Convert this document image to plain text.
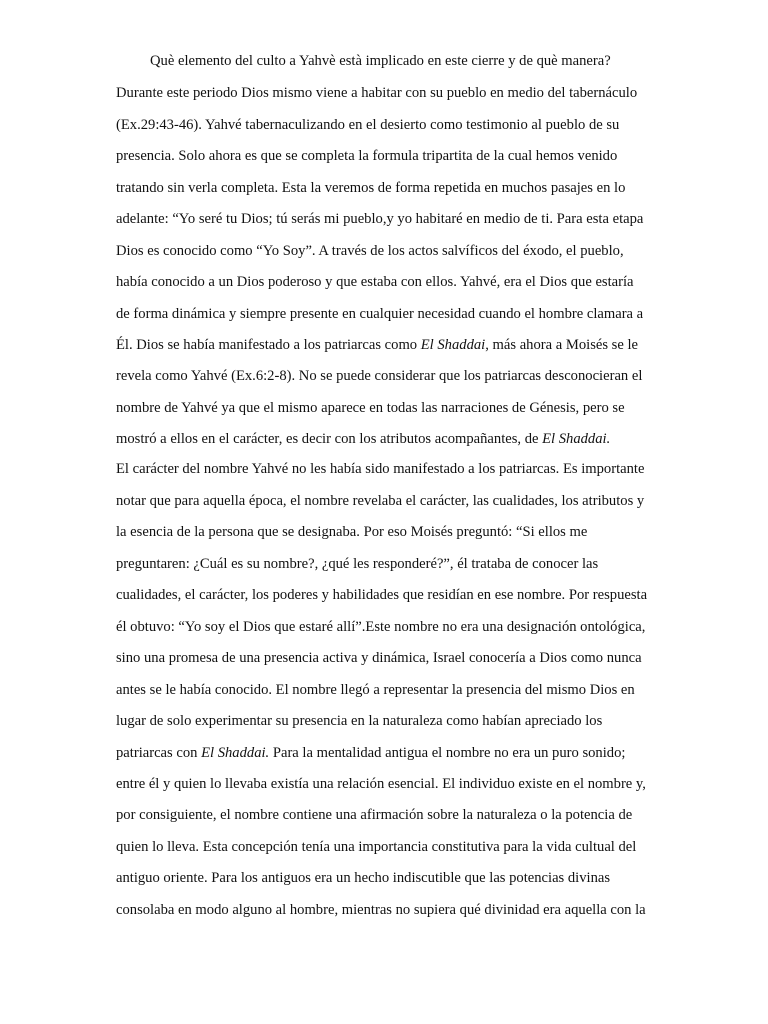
Què elemento del culto a Yahvè està implicado en este cierre y de què manera?
Durante este periodo Dios mismo viene a habitar con su pueblo en medio del tabernáculo
(Ex.29:43-46). Yahvé tabernaculizando en el desierto como testimonio al pueblo de su
presencia. Solo ahora es que se completa la formula tripartita de la cual hemos venido
tratando sin verla completa. Esta la veremos de forma repetida en muchos pasajes en lo
adelante: “Yo seré tu Dios; tú serás mi pueblo,y yo habitaré en medio de ti. Para esta etapa
Dios es conocido como “Yo Soy”. A través de los actos salvíficos del éxodo, el pueblo,
había conocido a un Dios poderoso y que estaba con ellos. Yahvé, era el Dios que estaría
de forma dinámica y siempre presente en cualquier necesidad cuando el hombre clamara a
Él. Dios se había manifestado a los patriarcas como El Shaddai, más ahora a Moisés se le
revela como Yahvé (Ex.6:2-8). No se puede considerar que los patriarcas desconocieran el
nombre de Yahvé ya que el mismo aparece en todas las narraciones de Génesis, pero se
mostró a ellos en el carácter, es decir con los atributos acompañantes, de El Shaddai.
El carácter del nombre Yahvé no les había sido manifestado a los patriarcas. Es importante
notar que para aquella época, el nombre revelaba el carácter, las cualidades, los atributos y
la esencia de la persona que se designaba. Por eso Moisés preguntó: “Si ellos me
preguntaren: ¿Cuál es su nombre?, ¿qué les responderé?”, él trataba de conocer las
cualidades, el carácter, los poderes y habilidades que residían en ese nombre. Por respuesta
él obtuvo: “Yo soy el Dios que estaré allí”.Este nombre no era una designación ontológica,
sino una promesa de una presencia activa y dinámica, Israel conocería a Dios como nunca
antes se le había conocido. El nombre llegó a representar la presencia del mismo Dios en
lugar de solo experimentar su presencia en la naturaleza como habían apreciado los
patriarcas con El Shaddai. Para la mentalidad antigua el nombre no era un puro sonido;
entre él y quien lo llevaba existía una relación esencial. El individuo existe en el nombre y,
por consiguiente, el nombre contiene una afirmación sobre la naturaleza o la potencia de
quien lo lleva. Esta concepción tenía una importancia constitutiva para la vida cultual del
antiguo oriente. Para los antiguos era un hecho indiscutible que las potencias divinas
consolaba en modo alguno al hombre, mientras no supiera qué divinidad era aquella con la
